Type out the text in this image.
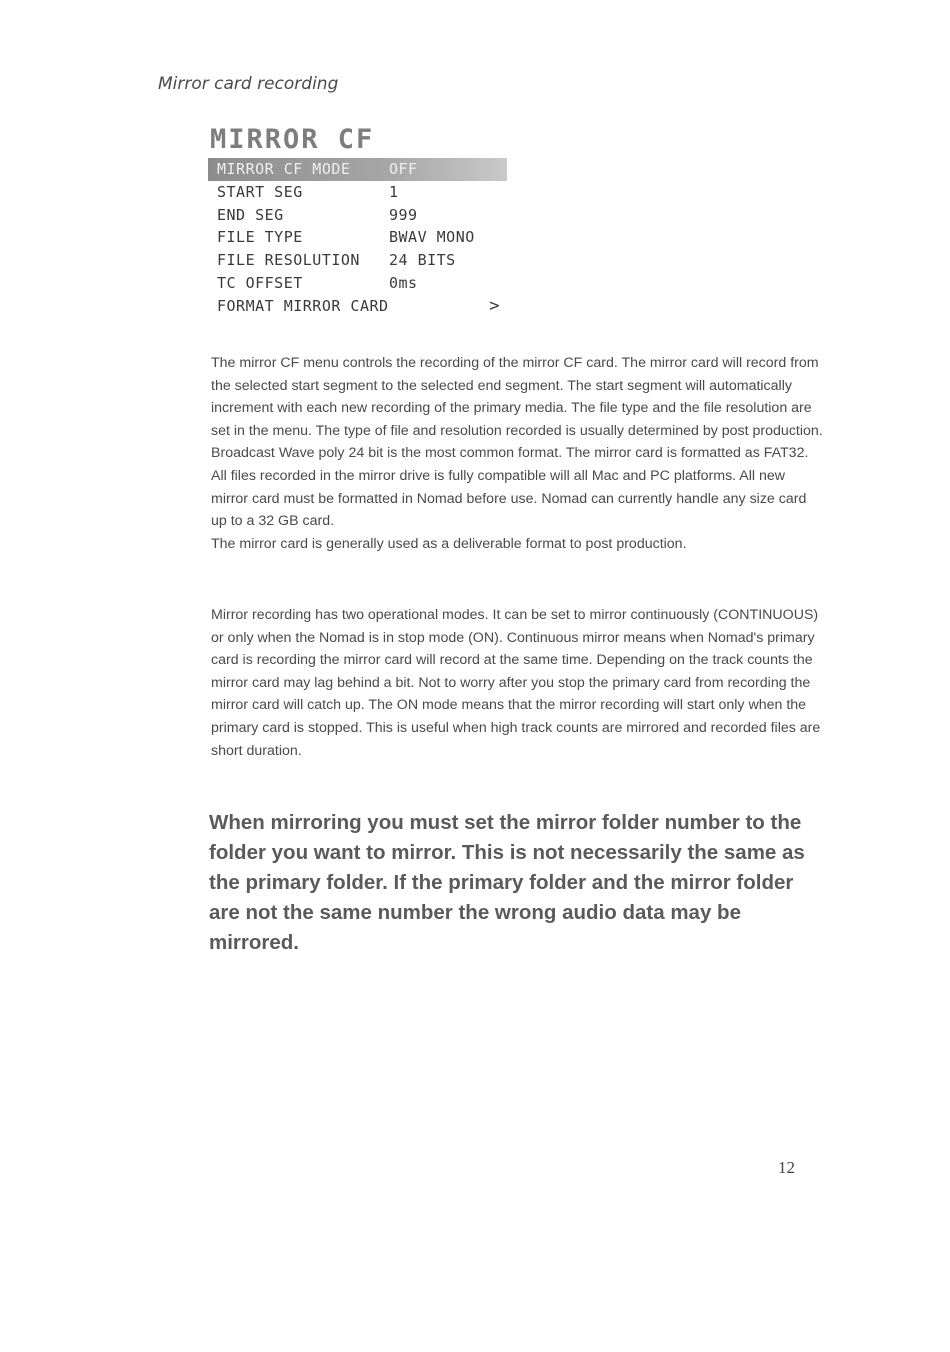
Mirror card recording
MIRROR CF
MIRROR CF MODE	OFF
START SEG	1
END SEG	999
FILE TYPE	BWAV MONO
FILE RESOLUTION	24 BITS
TC OFFSET	0ms
FORMAT MIRROR CARD	>
The mirror CF menu controls the recording of the mirror CF card. The mirror card will record from the selected start segment to the selected end segment. The start segment will automatically increment with each new recording of the primary media. The file type and the file resolution are set in the menu. The type of file and resolution recorded is usually determined by post production. Broadcast Wave poly 24 bit is the most common format. The mirror card is formatted as FAT32. All files recorded in the mirror drive is fully compatible will all Mac and PC platforms. All new mirror card must be formatted in Nomad before use. Nomad can currently handle any size card up to a 32 GB card.
The mirror card is generally used as a deliverable format to post production.

Mirror recording has two operational modes. It can be set to mirror continuously (CONTINUOUS) or only when the Nomad is in stop mode (ON). Continuous mirror means when Nomad's primary card is recording the mirror card will record at the same time. Depending on the track counts the mirror card may lag behind a bit. Not to worry after you stop the primary card from recording the mirror card will catch up. The ON mode means that the mirror recording will start only when the primary card is stopped. This is useful when high track counts are mirrored and recorded files are short duration.

When mirroring you must set the mirror folder number to the folder you want to mirror. This is not necessarily the same as the primary folder. If the primary folder and the mirror folder are not the same number the wrong audio data may be mirrored.

12
